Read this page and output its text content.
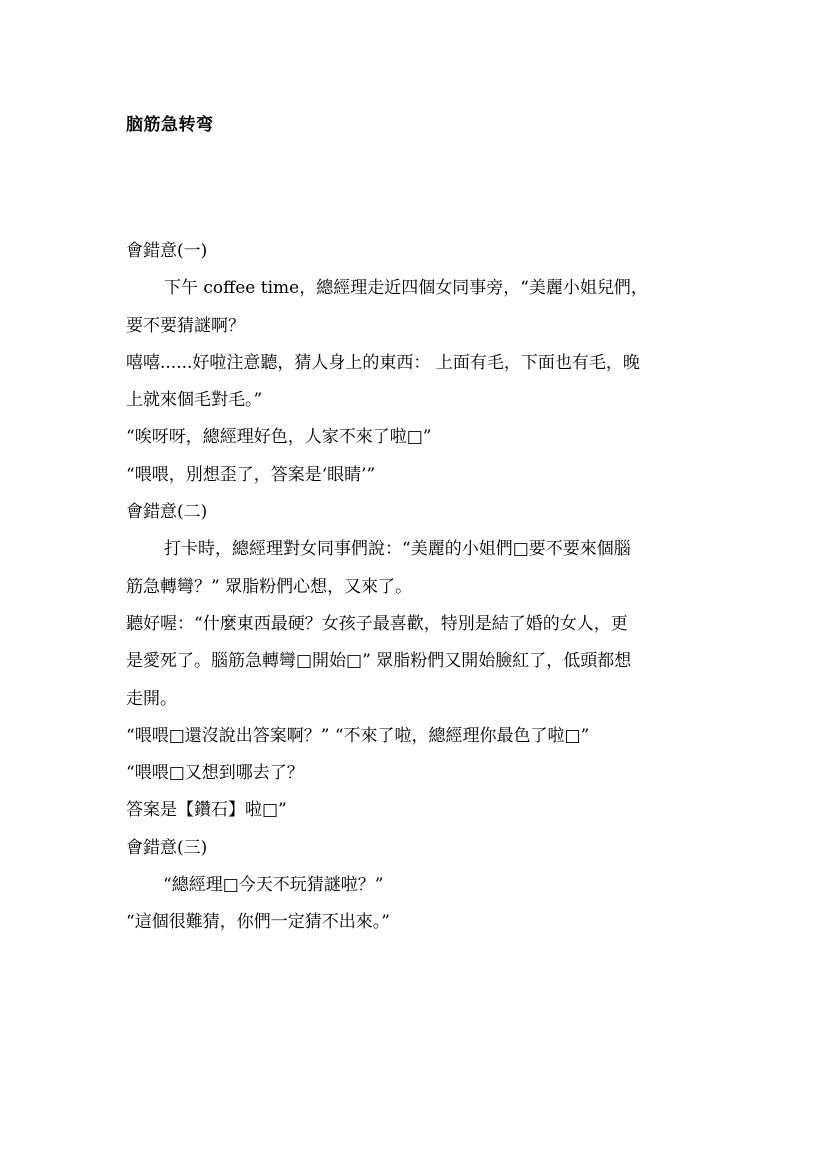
脑筋急转弯
會錯意(一)
下午 coffee time，總經理走近四個女同事旁，“美麗小姐兒們，
要不要猜謎啊？
嘻嘻......好啦注意聽，猜人身上的東西： 上面有毛，下面也有毛，晚
上就來個毛對毛。”
“唉呀呀，總經理好色，人家不來了啦□”
“喂喂，別想歪了，答案是‘眼睛’”
會錯意(二)
打卡時，總經理對女同事們說：“美麗的小姐們□要不要來個腦
筋急轉彎？” 眾脂粉們心想，又來了。
聽好喔：“什麼東西最硬？女孩子最喜歡，特別是結了婚的女人，更
是愛死了。腦筋急轉彎□開始□” 眾脂粉們又開始臉紅了，低頭都想
走開。
“喂喂□還沒說出答案啊？” “不來了啦，總經理你最色了啦□”
“喂喂□又想到哪去了？
答案是【鑽石】啦□”
會錯意(三)
“總經理□今天不玩猜謎啦？”
“這個很難猜，你們一定猜不出來。”
